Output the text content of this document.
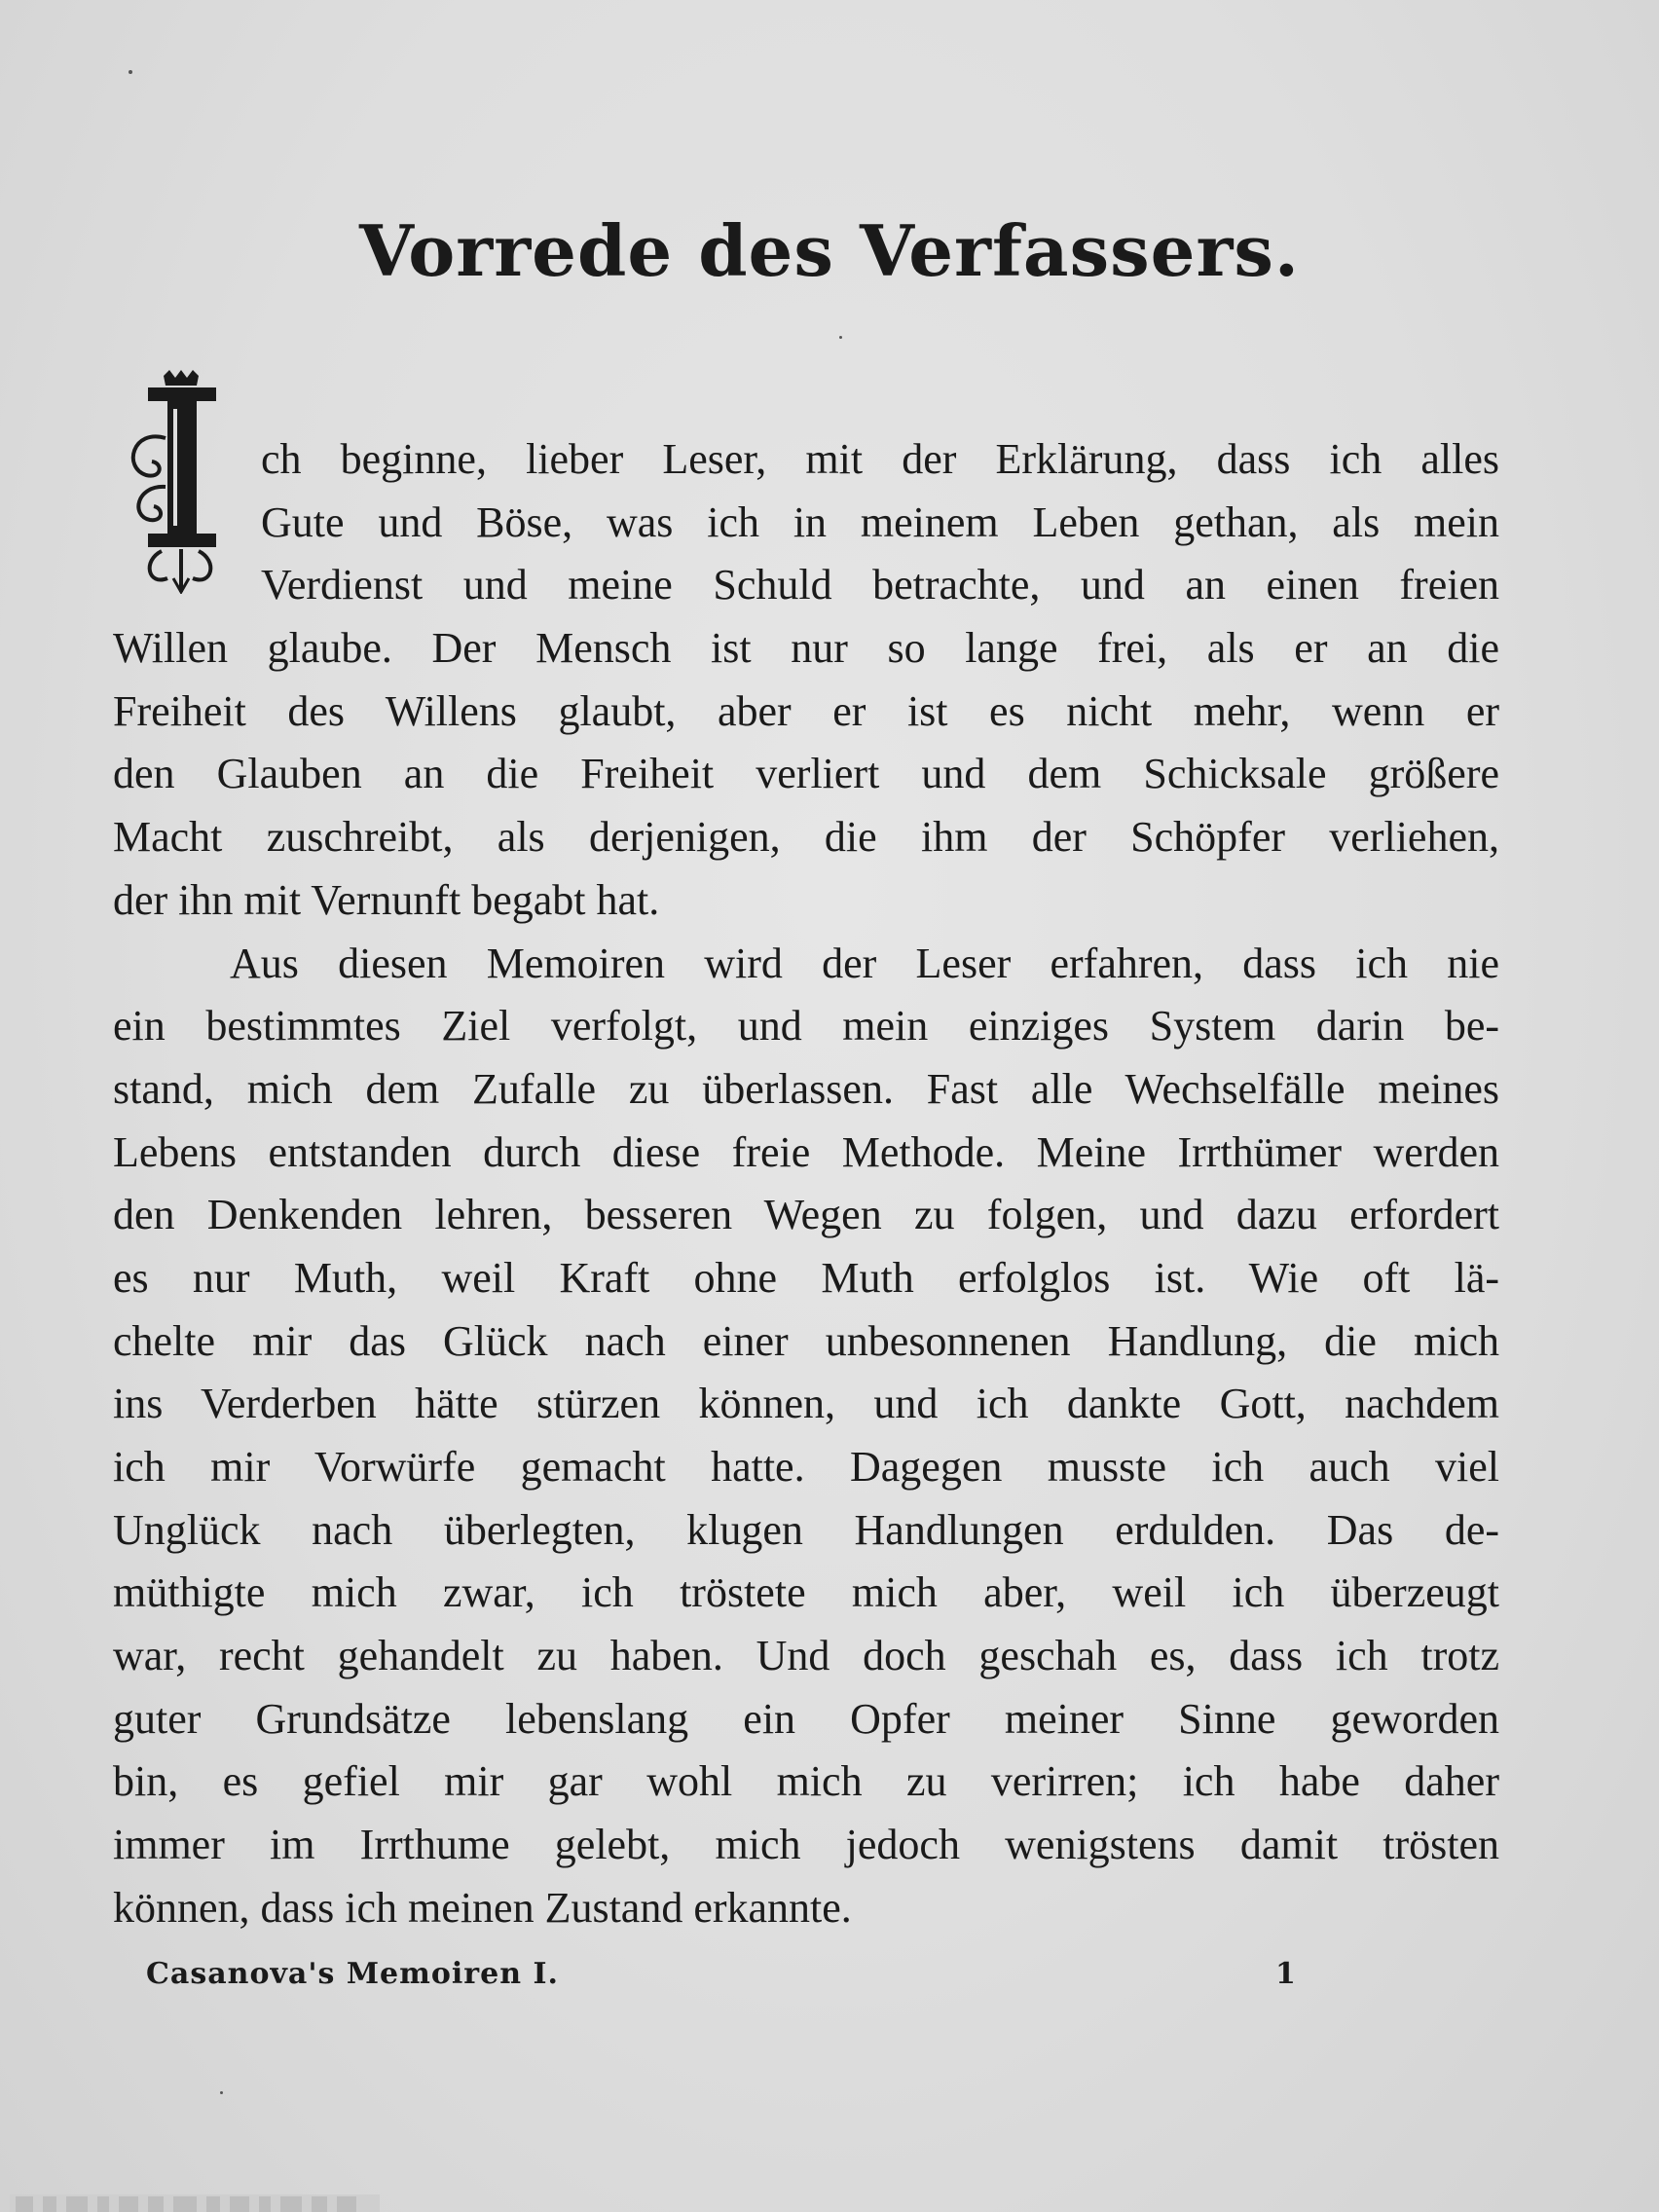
Vorrede des Verfassers.
ch beginne, lieber Leser, mit der Erklärung, dass ich alles
Gute und Böse, was ich in meinem Leben gethan, als mein
Verdienst und meine Schuld betrachte, und an einen freien
Willen glaube. Der Mensch ist nur so lange frei, als er an die
Freiheit des Willens glaubt, aber er ist es nicht mehr, wenn er
den Glauben an die Freiheit verliert und dem Schicksale größere
Macht zuschreibt, als derjenigen, die ihm der Schöpfer verliehen,
der ihn mit Vernunft begabt hat.
Aus diesen Memoiren wird der Leser erfahren, dass ich nie
ein bestimmtes Ziel verfolgt, und mein einziges System darin be-
stand, mich dem Zufalle zu überlassen. Fast alle Wechselfälle meines
Lebens entstanden durch diese freie Methode. Meine Irrthümer werden
den Denkenden lehren, besseren Wegen zu folgen, und dazu erfordert
es nur Muth, weil Kraft ohne Muth erfolglos ist. Wie oft lä-
chelte mir das Glück nach einer unbesonnenen Handlung, die mich
ins Verderben hätte stürzen können, und ich dankte Gott, nachdem
ich mir Vorwürfe gemacht hatte. Dagegen musste ich auch viel
Unglück nach überlegten, klugen Handlungen erdulden. Das de-
müthigte mich zwar, ich tröstete mich aber, weil ich überzeugt
war, recht gehandelt zu haben. Und doch geschah es, dass ich trotz
guter Grundsätze lebenslang ein Opfer meiner Sinne geworden
bin, es gefiel mir gar wohl mich zu verirren; ich habe daher
immer im Irrthume gelebt, mich jedoch wenigstens damit trösten
können, dass ich meinen Zustand erkannte.
Casanova's Memoiren I.	1
